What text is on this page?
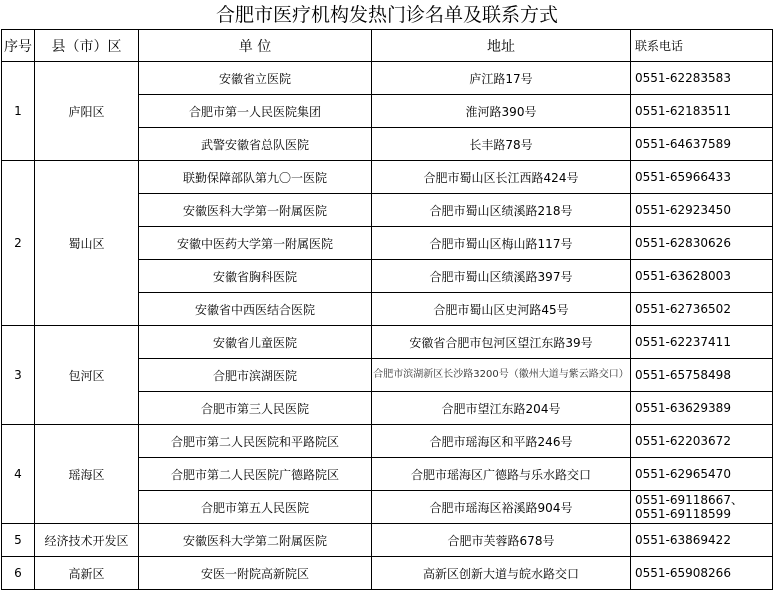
合肥市医疗机构发热门诊名单及联系方式
序号	县（市）区	单 位	地址	联系电话
1	庐阳区	安徽省立医院	庐江路17号	0551-62283583
		合肥市第一人民医院集团	淮河路390号	0551-62183511
		武警安徽省总队医院	长丰路78号	0551-64637589
2	蜀山区	联勤保障部队第九〇一医院	合肥市蜀山区长江西路424号	0551-65966433
		安徽医科大学第一附属医院	合肥市蜀山区绩溪路218号	0551-62923450
		安徽中医药大学第一附属医院	合肥市蜀山区梅山路117号	0551-62830626
		安徽省胸科医院	合肥市蜀山区绩溪路397号	0551-63628003
		安徽省中西医结合医院	合肥市蜀山区史河路45号	0551-62736502
3	包河区	安徽省儿童医院	安徽省合肥市包河区望江东路39号	0551-62237411
		合肥市滨湖医院	合肥市滨湖新区长沙路3200号（徽州大道与紫云路交口）	0551-65758498
		合肥市第三人民医院	合肥市望江东路204号	0551-63629389
4	瑶海区	合肥市第二人民医院和平路院区	合肥市瑶海区和平路246号	0551-62203672
		合肥市第二人民医院广德路院区	合肥市瑶海区广德路与乐水路交口	0551-62965470
		合肥市第五人民医院	合肥市瑶海区裕溪路904号	0551-69118667、0551-69118599
5	经济技术开发区	安徽医科大学第二附属医院	合肥市芙蓉路678号	0551-63869422
6	高新区	安医一附院高新院区	高新区创新大道与皖水路交口	0551-65908266
